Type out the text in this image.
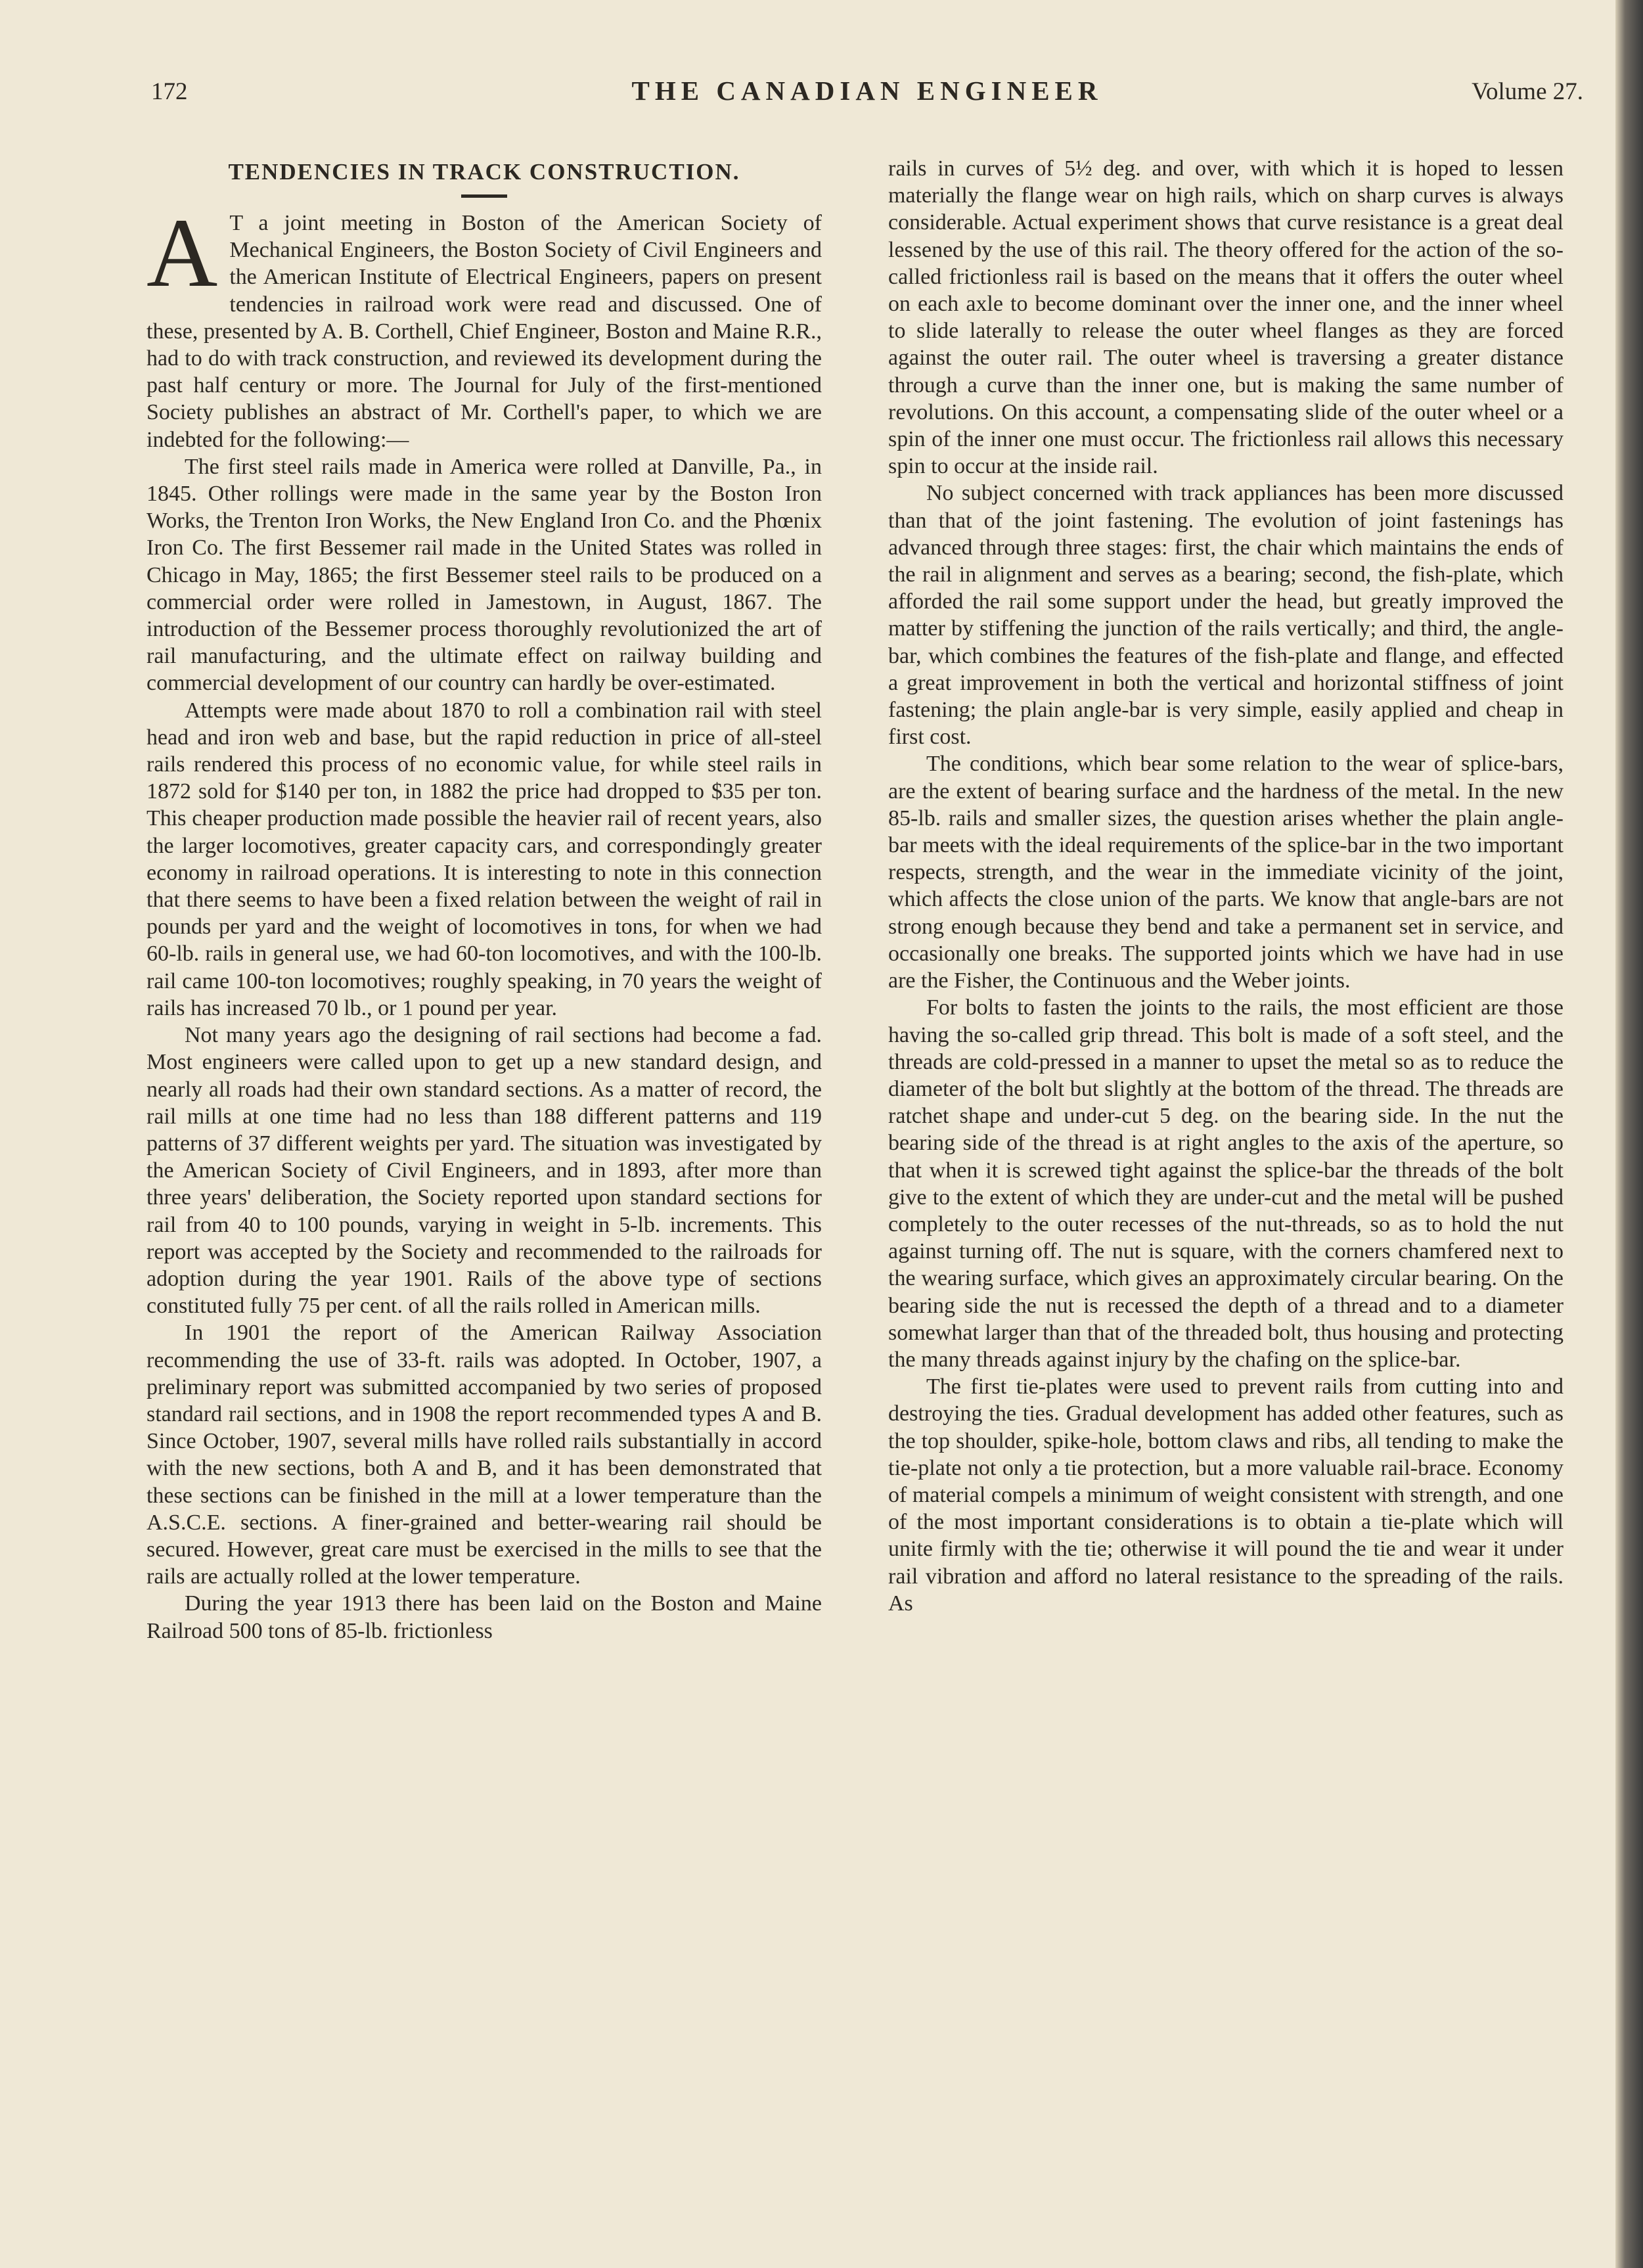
172	THE CANADIAN ENGINEER	Volume 27.
TENDENCIES IN TRACK CONSTRUCTION.

A T a joint meeting in Boston of the American Society of Mechanical Engineers, the Boston Society of Civil Engineers and the American Institute of Electrical Engineers, papers on present tendencies in railroad work were read and discussed. One of these, presented by A. B. Corthell, Chief Engineer, Boston and Maine R.R., had to do with track construction, and reviewed its development during the past half century or more. The Journal for July of the first-mentioned Society publishes an abstract of Mr. Corthell's paper, to which we are indebted for the following:—

The first steel rails made in America were rolled at Danville, Pa., in 1845. Other rollings were made in the same year by the Boston Iron Works, the Trenton Iron Works, the New England Iron Co. and the Phœnix Iron Co. The first Bessemer rail made in the United States was rolled in Chicago in May, 1865; the first Bessemer steel rails to be produced on a commercial order were rolled in Jamestown, in August, 1867. The introduction of the Bessemer process thoroughly revolutionized the art of rail manufacturing, and the ultimate effect on railway building and commercial development of our country can hardly be over-estimated.

Attempts were made about 1870 to roll a combination rail with steel head and iron web and base, but the rapid reduction in price of all-steel rails rendered this process of no economic value, for while steel rails in 1872 sold for $140 per ton, in 1882 the price had dropped to $35 per ton. This cheaper production made possible the heavier rail of recent years, also the larger locomotives, greater capacity cars, and correspondingly greater economy in railroad operations. It is interesting to note in this connection that there seems to have been a fixed relation between the weight of rail in pounds per yard and the weight of locomotives in tons, for when we had 60-lb. rails in general use, we had 60-ton locomotives, and with the 100-lb. rail came 100-ton locomotives; roughly speaking, in 70 years the weight of rails has increased 70 lb., or 1 pound per year.

Not many years ago the designing of rail sections had become a fad. Most engineers were called upon to get up a new standard design, and nearly all roads had their own standard sections. As a matter of record, the rail mills at one time had no less than 188 different patterns and 119 patterns of 37 different weights per yard. The situation was investigated by the American Society of Civil Engineers, and in 1893, after more than three years' deliberation, the Society reported upon standard sections for rail from 40 to 100 pounds, varying in weight in 5-lb. increments. This report was accepted by the Society and recommended to the railroads for adoption during the year 1901. Rails of the above type of sections constituted fully 75 per cent. of all the rails rolled in American mills.

In 1901 the report of the American Railway Association recommending the use of 33-ft. rails was adopted. In October, 1907, a preliminary report was submitted accompanied by two series of proposed standard rail sections, and in 1908 the report recommended types A and B. Since October, 1907, several mills have rolled rails substantially in accord with the new sections, both A and B, and it has been demonstrated that these sections can be finished in the mill at a lower temperature than the A.S.C.E. sections. A finer-grained and better-wearing rail should be secured. However, great care must be exercised in the mills to see that the rails are actually rolled at the lower temperature.

During the year 1913 there has been laid on the Boston and Maine Railroad 500 tons of 85-lb. frictionless

rails in curves of 5½ deg. and over, with which it is hoped to lessen materially the flange wear on high rails, which on sharp curves is always considerable. Actual experiment shows that curve resistance is a great deal lessened by the use of this rail. The theory offered for the action of the so-called frictionless rail is based on the means that it offers the outer wheel on each axle to become dominant over the inner one, and the inner wheel to slide laterally to release the outer wheel flanges as they are forced against the outer rail. The outer wheel is traversing a greater distance through a curve than the inner one, but is making the same number of revolutions. On this account, a compensating slide of the outer wheel or a spin of the inner one must occur. The frictionless rail allows this necessary spin to occur at the inside rail.

No subject concerned with track appliances has been more discussed than that of the joint fastening. The evolution of joint fastenings has advanced through three stages: first, the chair which maintains the ends of the rail in alignment and serves as a bearing; second, the fish-plate, which afforded the rail some support under the head, but greatly improved the matter by stiffening the junction of the rails vertically; and third, the angle-bar, which combines the features of the fish-plate and flange, and effected a great improvement in both the vertical and horizontal stiffness of joint fastening; the plain angle-bar is very simple, easily applied and cheap in first cost.

The conditions, which bear some relation to the wear of splice-bars, are the extent of bearing surface and the hardness of the metal. In the new 85-lb. rails and smaller sizes, the question arises whether the plain angle-bar meets with the ideal requirements of the splice-bar in the two important respects, strength, and the wear in the immediate vicinity of the joint, which affects the close union of the parts. We know that angle-bars are not strong enough because they bend and take a permanent set in service, and occasionally one breaks. The supported joints which we have had in use are the Fisher, the Continuous and the Weber joints.

For bolts to fasten the joints to the rails, the most efficient are those having the so-called grip thread. This bolt is made of a soft steel, and the threads are cold-pressed in a manner to upset the metal so as to reduce the diameter of the bolt but slightly at the bottom of the thread. The threads are ratchet shape and under-cut 5 deg. on the bearing side. In the nut the bearing side of the thread is at right angles to the axis of the aperture, so that when it is screwed tight against the splice-bar the threads of the bolt give to the extent of which they are under-cut and the metal will be pushed completely to the outer recesses of the nut-threads, so as to hold the nut against turning off. The nut is square, with the corners chamfered next to the wearing surface, which gives an approximately circular bearing. On the bearing side the nut is recessed the depth of a thread and to a diameter somewhat larger than that of the threaded bolt, thus housing and protecting the many threads against injury by the chafing on the splice-bar.

The first tie-plates were used to prevent rails from cutting into and destroying the ties. Gradual development has added other features, such as the top shoulder, spike-hole, bottom claws and ribs, all tending to make the tie-plate not only a tie protection, but a more valuable rail-brace. Economy of material compels a minimum of weight consistent with strength, and one of the most important considerations is to obtain a tie-plate which will unite firmly with the tie; otherwise it will pound the tie and wear it under rail vibration and afford no lateral resistance to the spreading of the rails. As
